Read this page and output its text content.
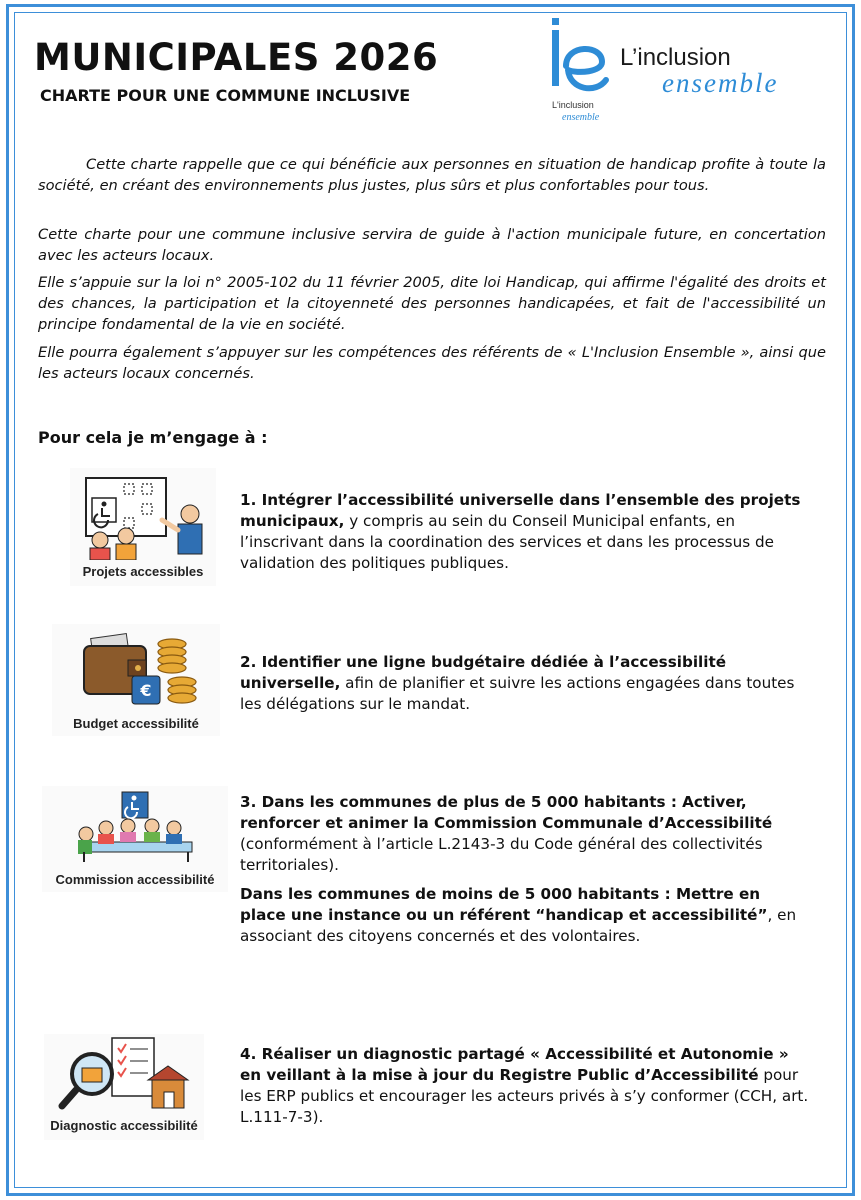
MUNICIPALES 2026
CHARTE POUR UNE COMMUNE INCLUSIVE	L'inclusion
ensemble
L’inclusion
ensemble

Cette charte rappelle que ce qui bénéficie aux personnes en situation de handicap profite à toute la société, en créant des environnements plus justes, plus sûrs et plus confortables pour tous.

Cette charte pour une commune inclusive servira de guide à l'action municipale future, en concertation avec les acteurs locaux.

Elle s’appuie sur la loi n° 2005-102 du 11 février 2005, dite loi Handicap, qui affirme l'égalité des droits et des chances, la participation et la citoyenneté des personnes handicapées, et fait de l'accessibilité un principe fondamental de la vie en société.

Elle pourra également s’appuyer sur les compétences des référents de « L'Inclusion Ensemble », ainsi que les acteurs locaux concernés.

Pour cela je m’engage à :
Projets accessibles
1. Intégrer l’accessibilité universelle dans l’ensemble des projets municipaux, y compris au sein du Conseil Municipal enfants, en l’inscrivant dans la coordination des services et dans les processus de validation des politiques publiques.
€
Budget accessibilité
2. Identifier une ligne budgétaire dédiée à l’accessibilité universelle, afin de planifier et suivre les actions engagées dans toutes les délégations sur le mandat.
Commission accessibilité
3. Dans les communes de plus de 5 000 habitants : Activer, renforcer et animer la Commission Communale d’Accessibilité (conformément à l’article L.2143-3 du Code général des collectivités territoriales).
Dans les communes de moins de 5 000 habitants : Mettre en place une instance ou un référent “handicap et accessibilité”, en associant des citoyens concernés et des volontaires.
Diagnostic accessibilité
4. Réaliser un diagnostic partagé « Accessibilité et Autonomie » en veillant à la mise à jour du Registre Public d’Accessibilité pour les ERP publics et encourager les acteurs privés à s’y conformer (CCH, art. L.111-7-3).
